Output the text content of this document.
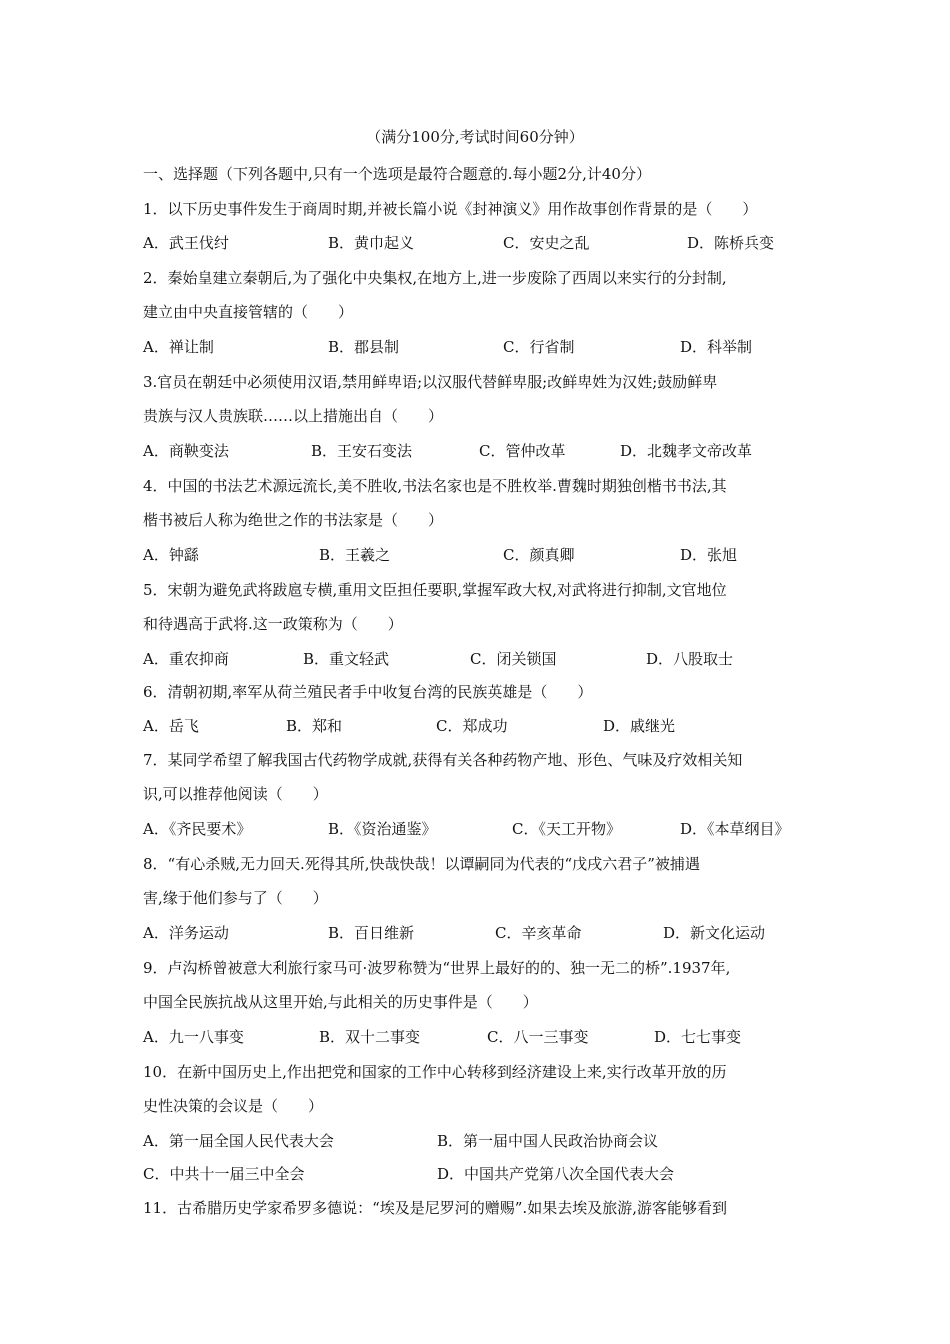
（满分100分,考试时间60分钟）
一、选择题（下列各题中,只有一个选项是最符合题意的.每小题2分,计40分）
1．以下历史事件发生于商周时期,并被长篇小说《封神演义》用作故事创作背景的是（　　）
A．武王伐纣	B．黄巾起义	C．安史之乱	D．陈桥兵变
2．秦始皇建立秦朝后,为了强化中央集权,在地方上,进一步废除了西周以来实行的分封制,
建立由中央直接管辖的（　　）
A．禅让制	B．郡县制	C．行省制	D．科举制
3.官员在朝廷中必须使用汉语,禁用鲜卑语;以汉服代替鲜卑服;改鲜卑姓为汉姓;鼓励鲜卑
贵族与汉人贵族联……以上措施出自（　　）
A．商鞅变法	B．王安石变法	C．管仲改革	D．北魏孝文帝改革
4．中国的书法艺术源远流长,美不胜收,书法名家也是不胜枚举.曹魏时期独创楷书书法,其
楷书被后人称为绝世之作的书法家是（　　）
A．钟繇	B．王羲之	C．颜真卿	D．张旭
5．宋朝为避免武将跋扈专横,重用文臣担任要职,掌握军政大权,对武将进行抑制,文官地位
和待遇高于武将.这一政策称为（　　）
A．重农抑商	B．重文轻武	C．闭关锁国	D．八股取士
6．清朝初期,率军从荷兰殖民者手中收复台湾的民族英雄是（　　）
A．岳飞	B．郑和	C．郑成功	D．戚继光
7．某同学希望了解我国古代药物学成就,获得有关各种药物产地、形色、气味及疗效相关知
识,可以推荐他阅读（　　）
A．《齐民要术》	B．《资治通鉴》	C．《天工开物》	D．《本草纲目》
8．“有心杀贼,无力回天.死得其所,快哉快哉！以谭嗣同为代表的“戊戌六君子”被捕遇
害,缘于他们参与了（　　）
A．洋务运动	B．百日维新	C．辛亥革命	D．新文化运动
9．卢沟桥曾被意大利旅行家马可·波罗称赞为“世界上最好的的、独一无二的桥”.1937年,
中国全民族抗战从这里开始,与此相关的历史事件是（　　）
A．九一八事变	B．双十二事变	C．八一三事变	D．七七事变
10．在新中国历史上,作出把党和国家的工作中心转移到经济建设上来,实行改革开放的历
史性决策的会议是（　　）
A．第一届全国人民代表大会	B．第一届中国人民政治协商会议
C．中共十一届三中全会	D．中国共产党第八次全国代表大会
11．古希腊历史学家希罗多德说：“埃及是尼罗河的赠赐”.如果去埃及旅游,游客能够看到
